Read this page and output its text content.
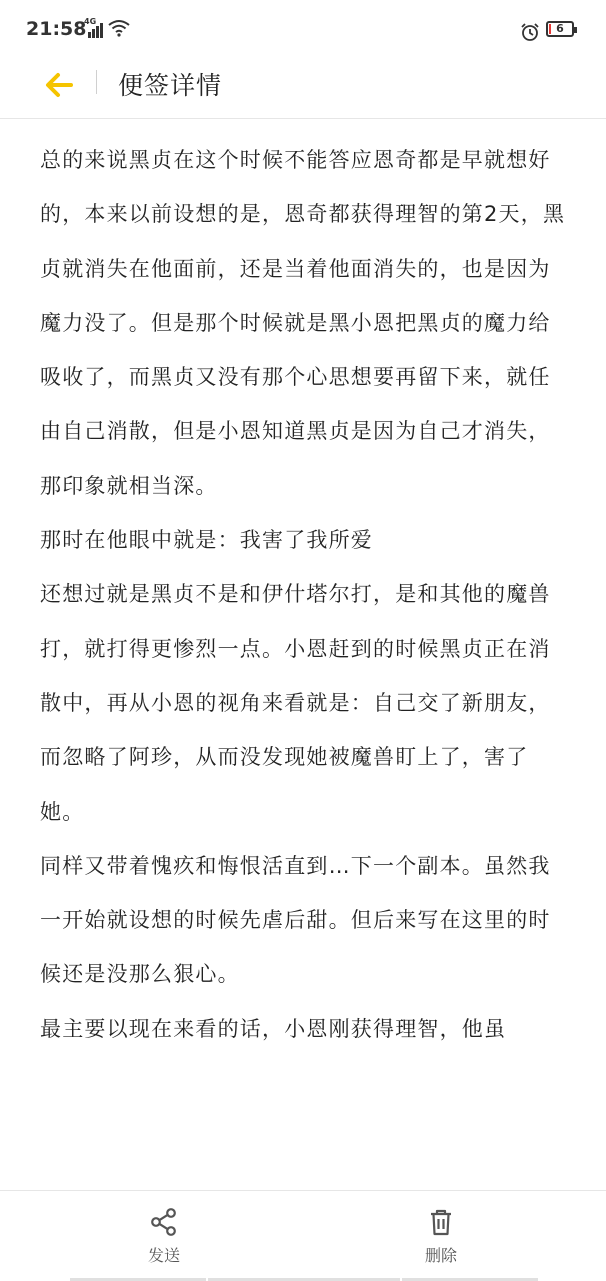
21:58
4G
6
便签详情

总的来说黑贞在这个时候不能答应恩奇都是早就想好的，本来以前设想的是，恩奇都获得理智的第2天，黑贞就消失在他面前，还是当着他面消失的，也是因为魔力没了。但是那个时候就是黑小恩把黑贞的魔力给吸收了，而黑贞又没有那个心思想要再留下来，就任由自己消散，但是小恩知道黑贞是因为自己才消失，那印象就相当深。

那时在他眼中就是：我害了我所爱

还想过就是黑贞不是和伊什塔尔打，是和其他的魔兽打，就打得更惨烈一点。小恩赶到的时候黑贞正在消散中，再从小恩的视角来看就是：自己交了新朋友，而忽略了阿珍，从而没发现她被魔兽盯上了，害了她。

同样又带着愧疚和悔恨活直到…下一个副本。虽然我一开始就设想的时候先虐后甜。但后来写在这里的时候还是没那么狠心。

最主要以现在来看的话，小恩刚获得理智，他虽

发送	删除
